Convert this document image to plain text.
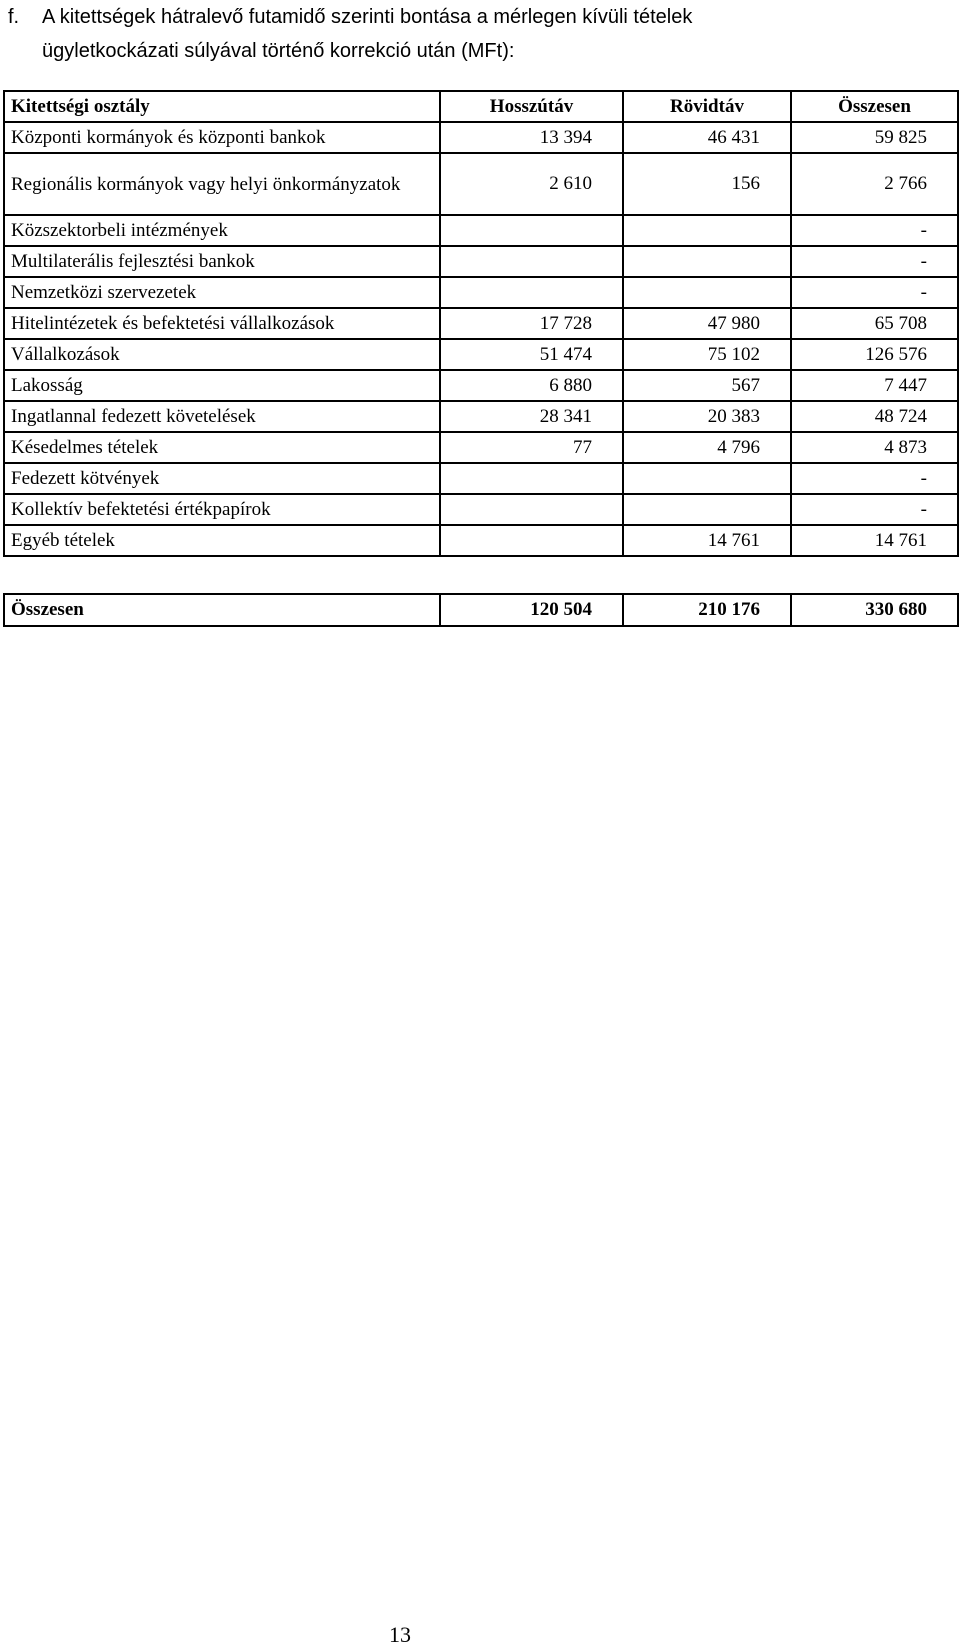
f. A kitettségek hátralevő futamidő szerinti bontása a mérlegen kívüli tételek
ügyletkockázati súlyával történő korrekció után (MFt):
Kitettségi osztály	Hosszútáv	Rövidtáv	Összesen
Központi kormányok és központi bankok	13 394	46 431	59 825
Regionális kormányok vagy helyi önkormányzatok	2 610	156	2 766
Közszektorbeli intézmények			-
Multilaterális fejlesztési bankok			-
Nemzetközi szervezetek			-
Hitelintézetek és befektetési vállalkozások	17 728	47 980	65 708
Vállalkozások	51 474	75 102	126 576
Lakosság	6 880	567	7 447
Ingatlannal fedezett követelések	28 341	20 383	48 724
Késedelmes tételek	77	4 796	4 873
Fedezett kötvények			-
Kollektív befektetési értékpapírok			-
Egyéb tételek		14 761	14 761
Összesen	120 504	210 176	330 680
13
